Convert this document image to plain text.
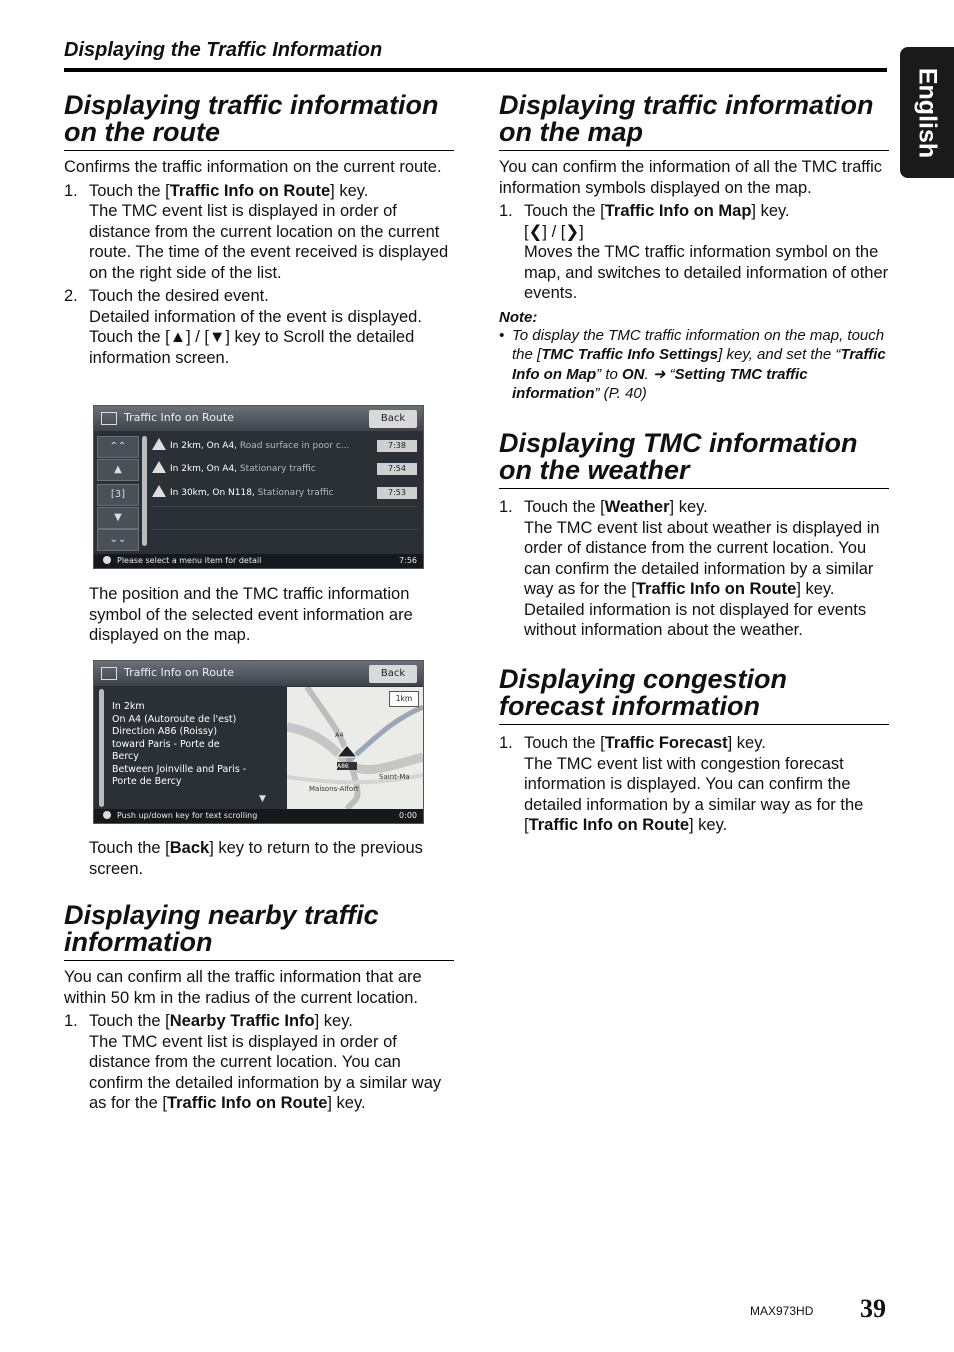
Displaying the Traffic Information
English
Displaying traffic information on the route

Confirms the traffic information on the current route.

1. Touch the [Traffic Info on Route] key.
The TMC event list is displayed in order of distance from the current location on the current route. The time of the event received is displayed on the right side of the list.
2. Touch the desired event.
Detailed information of the event is displayed. Touch the [▲] / [▼] key to Scroll the detailed information screen.
Traffic Info on Route	Back
⌃⌃
▲
[3]
▼
⌄⌄
In 2km, On A4, Road surface in poor c...	7:38
In 2km, On A4, Stationary traffic	7:54
In 30km, On N118, Stationary traffic	7:53
Please select a menu item for detail	7:56

The position and the TMC traffic information symbol of the selected event information are displayed on the map.

Traffic Info on Route	Back
In 2km
On A4 (Autoroute de l'est)
Direction A86 (Roissy)
toward Paris - Porte de
Bercy
Between Joinville and Paris -
Porte de Bercy
▼
1km
A4
A86
Saint-Ma
Maisons-Alfort
Push up/down key for text scrolling	0:00

Touch the [Back] key to return to the previous screen.

Displaying nearby traffic information

You can confirm all the traffic information that are within 50 km in the radius of the current location.

1. Touch the [Nearby Traffic Info] key.
The TMC event list is displayed in order of distance from the current location. You can confirm the detailed information by a similar way as for the [Traffic Info on Route] key.
Displaying traffic information on the map

You can confirm the information of all the TMC traffic information symbols displayed on the map.

1. Touch the [Traffic Info on Map] key.
[❮] / [❯]
Moves the TMC traffic information symbol on the map, and switches to detailed information of other events.
Note:
• To display the TMC traffic information on the map, touch the [TMC Traffic Info Settings] key, and set the “Traffic Info on Map” to ON. ➜ “Setting TMC traffic information” (P. 40)
Displaying TMC information on the weather
1. Touch the [Weather] key.
The TMC event list about weather is displayed in order of distance from the current location. You can confirm the detailed information by a similar way as for the [Traffic Info on Route] key. Detailed information is not displayed for events without information about the weather.
Displaying congestion forecast information
1. Touch the [Traffic Forecast] key.
The TMC event list with congestion forecast information is displayed. You can confirm the detailed information by a similar way as for the [Traffic Info on Route] key.
MAX973HD 39
